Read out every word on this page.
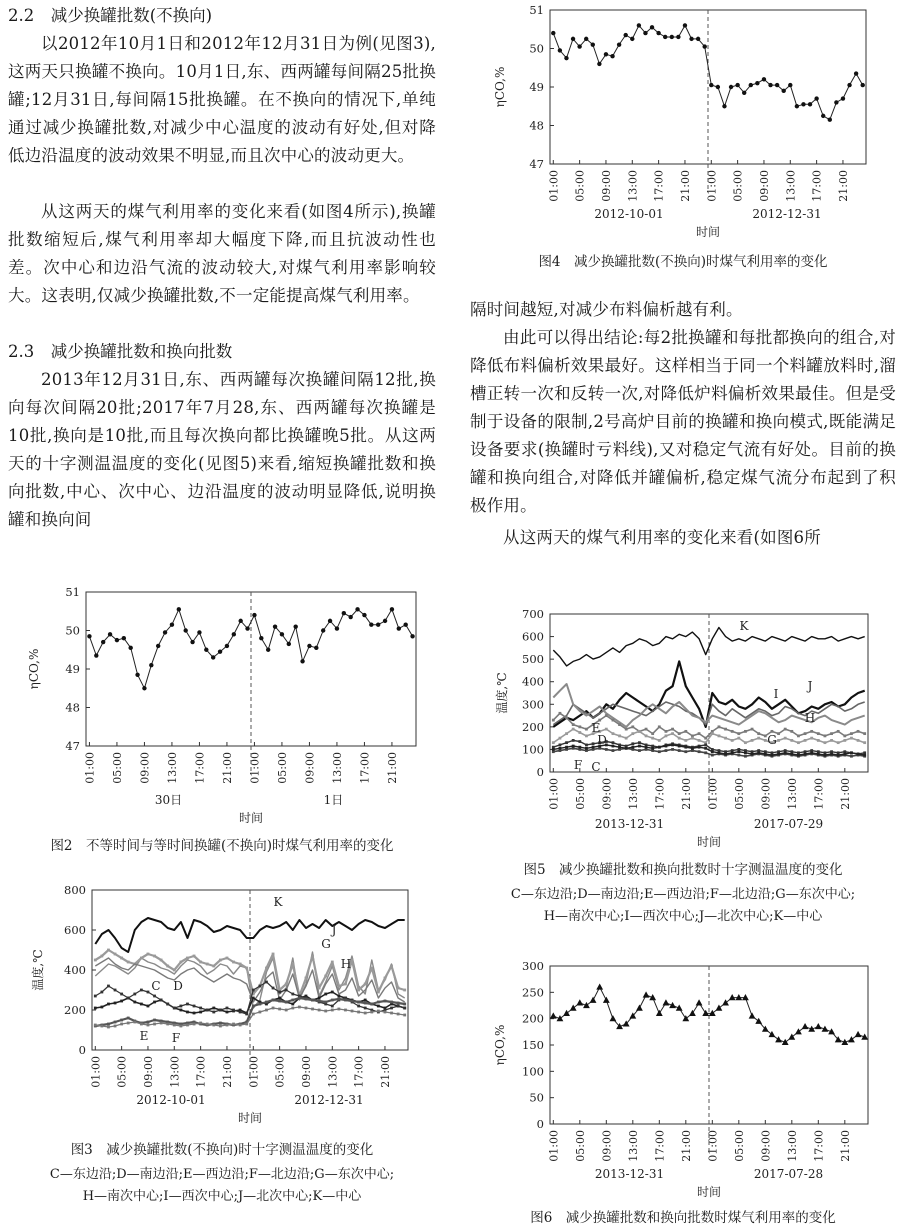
2.2　减少换罐批数(不换向)

以2012年10月1日和2012年12月31日为例(见图3),这两天只换罐不换向。10月1日,东、西两罐每间隔25批换罐;12月31日,每间隔15批换罐。在不换向的情况下,单纯通过减少换罐批数,对减少中心温度的波动有好处,但对降低边沿温度的波动效果不明显,而且次中心的波动更大。

从这两天的煤气利用率的变化来看(如图4所示),换罐批数缩短后,煤气利用率却大幅度下降,而且抗波动性也差。次中心和边沿气流的波动较大,对煤气利用率影响较大。这表明,仅减少换罐批数,不一定能提高煤气利用率。

2.3　减少换罐批数和换向批数

2013年12月31日,东、西两罐每次换罐间隔12批,换向每次间隔20批;2017年7月28,东、西两罐每次换罐是10批,换向是10批,而且每次换向都比换罐晚5批。从这两天的十字测温温度的变化(见图5)来看,缩短换罐批数和换向批数,中心、次中心、边沿温度的波动明显降低,说明换罐和换向间

47
48
49
50
51
01:00 05:00 09:00 13:00 17:00 21:00 01:00 05:00 09:00 13:00 17:00 21:00
30日	1日
时间
ηCO,%

图2　不等时间与等时间换罐(不换向)时煤气利用率的变化

0
200
400
600
800
01:00 05:00 09:00 13:00 17:00 21:00 01:00 05:00 09:00 13:00 17:00 21:00
2012-10-01	2012-12-31
时间
温度,℃
K
J
G
H
C D
E F

图3　减少换罐批数(不换向)时十字测温温度的变化

C—东边沿;D—南边沿;E—西边沿;F—北边沿;G—东次中心;

H—南次中心;I—西次中心;J—北次中心;K—中心

47
48
49
50
51
01:00 05:00 09:00 13:00 17:00 21:00 01:00 05:00 09:00 13:00 17:00 21:00
2012-10-01	2012-12-31
时间
ηCO,%

图4　减少换罐批数(不换向)时煤气利用率的变化

隔时间越短,对减少布料偏析越有利。

由此可以得出结论:每2批换罐和每批都换向的组合,对降低布料偏析效果最好。这样相当于同一个料罐放料时,溜槽正转一次和反转一次,对降低炉料偏析效果最佳。但是受制于设备的限制,2号高炉目前的换罐和换向模式,既能满足设备要求(换罐时亏料线),又对稳定气流有好处。目前的换罐和换向组合,对降低并罐偏析,稳定煤气流分布起到了积极作用。

从这两天的煤气利用率的变化来看(如图6所

0
100
200
300
400
500
600
700
01:00 05:00 09:00 13:00 17:00 21:00 01:00 05:00 09:00 13:00 17:00 21:00
2013-12-31	2017-07-29
时间
温度,℃
K
I
J
H
G
E
D
F C

图5　减少换罐批数和换向批数时十字测温温度的变化

C—东边沿;D—南边沿;E—西边沿;F—北边沿;G—东次中心;

H—南次中心;I—西次中心;J—北次中心;K—中心

0
50
100
150
200
250
300
01:00 05:00 09:00 13:00 17:00 21:00 01:00 05:00 09:00 13:00 17:00 21:00
2013-12-31	2017-07-28
时间
ηCO,%

图6　减少换罐批数和换向批数时煤气利用率的变化
